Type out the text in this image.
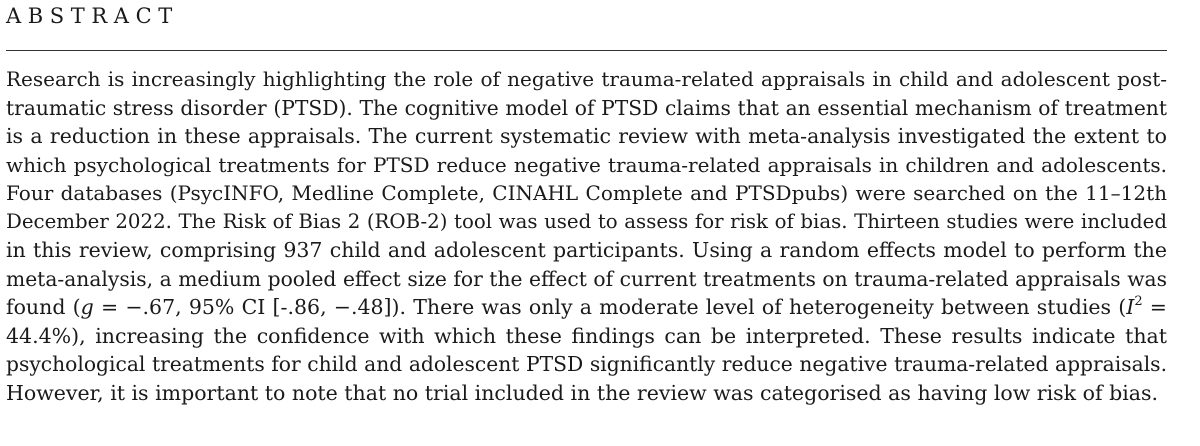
ABSTRACT
Research is increasingly highlighting the role of negative trauma-related appraisals in child and adolescent post-
traumatic stress disorder (PTSD). The cognitive model of PTSD claims that an essential mechanism of treatment
is a reduction in these appraisals. The current systematic review with meta-analysis investigated the extent to
which psychological treatments for PTSD reduce negative trauma-related appraisals in children and adolescents.
Four databases (PsycINFO, Medline Complete, CINAHL Complete and PTSDpubs) were searched on the 11–12th
December 2022. The Risk of Bias 2 (ROB-2) tool was used to assess for risk of bias. Thirteen studies were included
in this review, comprising 937 child and adolescent participants. Using a random effects model to perform the
meta-analysis, a medium pooled effect size for the effect of current treatments on trauma-related appraisals was
found (g = −.67, 95% CI [-.86, −.48]). There was only a moderate level of heterogeneity between studies ($I^2$ =
44.4%), increasing the confidence with which these findings can be interpreted. These results indicate that
psychological treatments for child and adolescent PTSD significantly reduce negative trauma-related appraisals.
However, it is important to note that no trial included in the review was categorised as having low risk of bias.
